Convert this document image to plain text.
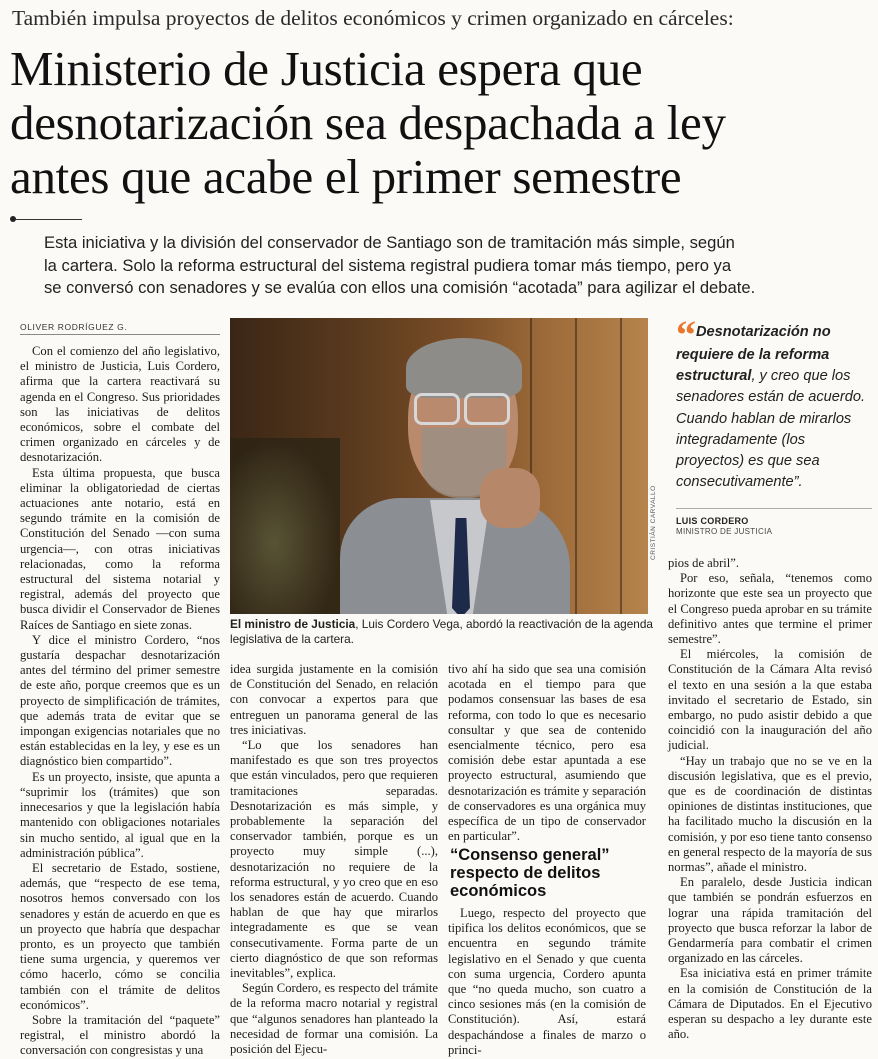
También impulsa proyectos de delitos económicos y crimen organizado en cárceles:
Ministerio de Justicia espera que
desnotarización sea despachada a ley
antes que acabe el primer semestre
Esta iniciativa y la división del conservador de Santiago son de tramitación más simple, según
la cartera. Solo la reforma estructural del sistema registral pudiera tomar más tiempo, pero ya
se conversó con senadores y se evalúa con ellos una comisión “acotada” para agilizar el debate.
OLIVER RODRÍGUEZ G.

Con el comienzo del año legislativo, el ministro de Justicia, Luis Cordero, afirma que la cartera reactivará su agenda en el Congreso. Sus prioridades son las iniciativas de delitos económicos, sobre el combate del crimen organizado en cárceles y de desnotarización.

Esta última propuesta, que busca eliminar la obligatoriedad de ciertas actuaciones ante notario, está en segundo trámite en la comisión de Constitución del Senado —con suma urgencia—, con otras iniciativas relacionadas, como la reforma estructural del sistema notarial y registral, además del proyecto que busca dividir el Conservador de Bienes Raíces de Santiago en siete zonas.

Y dice el ministro Cordero, “nos gustaría despachar desnotarización antes del término del primer semestre de este año, porque creemos que es un proyecto de simplificación de trámites, que además trata de evitar que se impongan exigencias notariales que no están establecidas en la ley, y ese es un diagnóstico bien compartido”.

Es un proyecto, insiste, que apunta a “suprimir los (trámites) que son innecesarios y que la legislación había mantenido con obligaciones notariales sin mucho sentido, al igual que en la administración pública”.

El secretario de Estado, sostiene, además, que “respecto de ese tema, nosotros hemos conversado con los senadores y están de acuerdo en que es un proyecto que habría que despachar pronto, es un proyecto que también tiene suma urgencia, y queremos ver cómo hacerlo, cómo se concilia también con el trámite de delitos económicos”.

Sobre la tramitación del “paquete” registral, el ministro abordó la conversación con congresistas y una

CRISTIÁN CARVALLO
El ministro de Justicia, Luis Cordero Vega, abordó la reactivación de la agenda
legislativa de la cartera.
“ Desnotarización no
requiere de la reforma
estructural, y creo que los
senadores están de acuerdo.
Cuando hablan de mirarlos
integradamente (los
proyectos) es que sea
consecutivamente”.
LUIS CORDERO
MINISTRO DE JUSTICIA

idea surgida justamente en la comisión de Constitución del Senado, en relación con convocar a expertos para que entreguen un panorama general de las tres iniciativas.

“Lo que los senadores han manifestado es que son tres proyectos que están vinculados, pero que requieren tramitaciones separadas. Desnotarización es más simple, y probablemente la separación del conservador también, porque es un proyecto muy simple (...), desnotarización no requiere de la reforma estructural, y yo creo que en eso los senadores están de acuerdo. Cuando hablan de que hay que mirarlos integradamente es que se vean consecutivamente. Forma parte de un cierto diagnóstico de que son reformas inevitables”, explica.

Según Cordero, es respecto del trámite de la reforma macro notarial y registral que “algunos senadores han planteado la necesidad de formar una comisión. La posición del Ejecu-

tivo ahí ha sido que sea una comisión acotada en el tiempo para que podamos consensuar las bases de esa reforma, con todo lo que es necesario consultar y que sea de contenido esencialmente técnico, pero esa comisión debe estar apuntada a ese proyecto estructural, asumiendo que desnotarización es trámite y separación de conservadores es una orgánica muy específica de un tipo de conservador en particular”.

“Consenso general”
respecto de delitos
económicos

Luego, respecto del proyecto que tipifica los delitos económicos, que se encuentra en segundo trámite legislativo en el Senado y que cuenta con suma urgencia, Cordero apunta que “no queda mucho, son cuatro a cinco sesiones más (en la comisión de Constitución). Así, estará despachándose a finales de marzo o princi-

pios de abril”.

Por eso, señala, “tenemos como horizonte que este sea un proyecto que el Congreso pueda aprobar en su trámite definitivo antes que termine el primer semestre”.

El miércoles, la comisión de Constitución de la Cámara Alta revisó el texto en una sesión a la que estaba invitado el secretario de Estado, sin embargo, no pudo asistir debido a que coincidió con la inauguración del año judicial.

“Hay un trabajo que no se ve en la discusión legislativa, que es el previo, que es de coordinación de distintas opiniones de distintas instituciones, que ha facilitado mucho la discusión en la comisión, y por eso tiene tanto consenso en general respecto de la mayoría de sus normas”, añade el ministro.

En paralelo, desde Justicia indican que también se pondrán esfuerzos en lograr una rápida tramitación del proyecto que busca reforzar la labor de Gendarmería para combatir el crimen organizado en las cárceles.

Esa iniciativa está en primer trámite en la comisión de Constitución de la Cámara de Diputados. En el Ejecutivo esperan su despacho a ley durante este año.
